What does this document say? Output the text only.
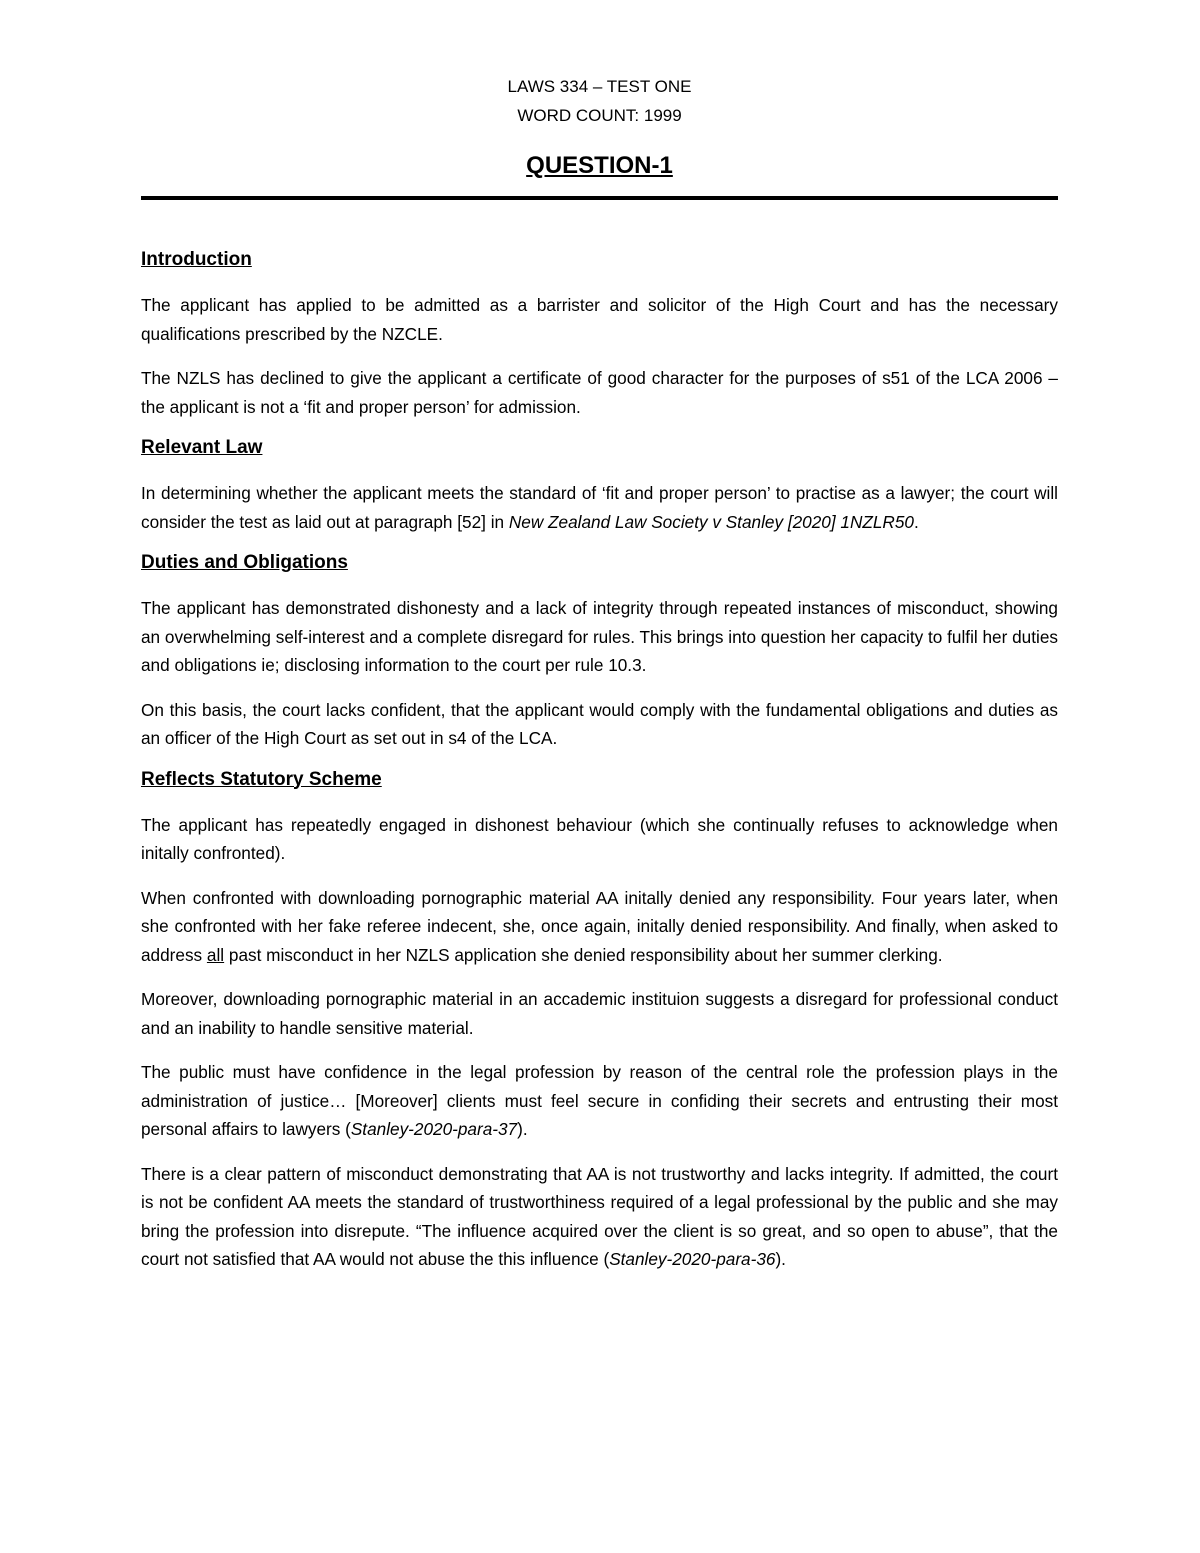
LAWS 334 – TEST ONE
WORD COUNT: 1999
QUESTION-1
Introduction

The applicant has applied to be admitted as a barrister and solicitor of the High Court and has the necessary qualifications prescribed by the NZCLE.

The NZLS has declined to give the applicant a certificate of good character for the purposes of s51 of the LCA 2006 – the applicant is not a ‘fit and proper person’ for admission.

Relevant Law

In determining whether the applicant meets the standard of ‘fit and proper person’ to practise as a lawyer; the court will consider the test as laid out at paragraph [52] in New Zealand Law Society v Stanley [2020] 1NZLR50.

Duties and Obligations

The applicant has demonstrated dishonesty and a lack of integrity through repeated instances of misconduct, showing an overwhelming self-interest and a complete disregard for rules. This brings into question her capacity to fulfil her duties and obligations ie; disclosing information to the court per rule 10.3.

On this basis, the court lacks confident, that the applicant would comply with the fundamental obligations and duties as an officer of the High Court as set out in s4 of the LCA.

Reflects Statutory Scheme

The applicant has repeatedly engaged in dishonest behaviour (which she continually refuses to acknowledge when initally confronted).

When confronted with downloading pornographic material AA initally denied any responsibility. Four years later, when she confronted with her fake referee indecent, she, once again, initally denied responsibility. And finally, when asked to address all past misconduct in her NZLS application she denied responsibility about her summer clerking.

Moreover, downloading pornographic material in an accademic instituion suggests a disregard for professional conduct and an inability to handle sensitive material.

The public must have confidence in the legal profession by reason of the central role the profession plays in the administration of justice… [Moreover] clients must feel secure in confiding their secrets and entrusting their most personal affairs to lawyers (Stanley-2020-para-37).

There is a clear pattern of misconduct demonstrating that AA is not trustworthy and lacks integrity. If admitted, the court is not be confident AA meets the standard of trustworthiness required of a legal professional by the public and she may bring the profession into disrepute. “The influence acquired over the client is so great, and so open to abuse”, that the court not satisfied that AA would not abuse the this influence (Stanley-2020-para-36).
